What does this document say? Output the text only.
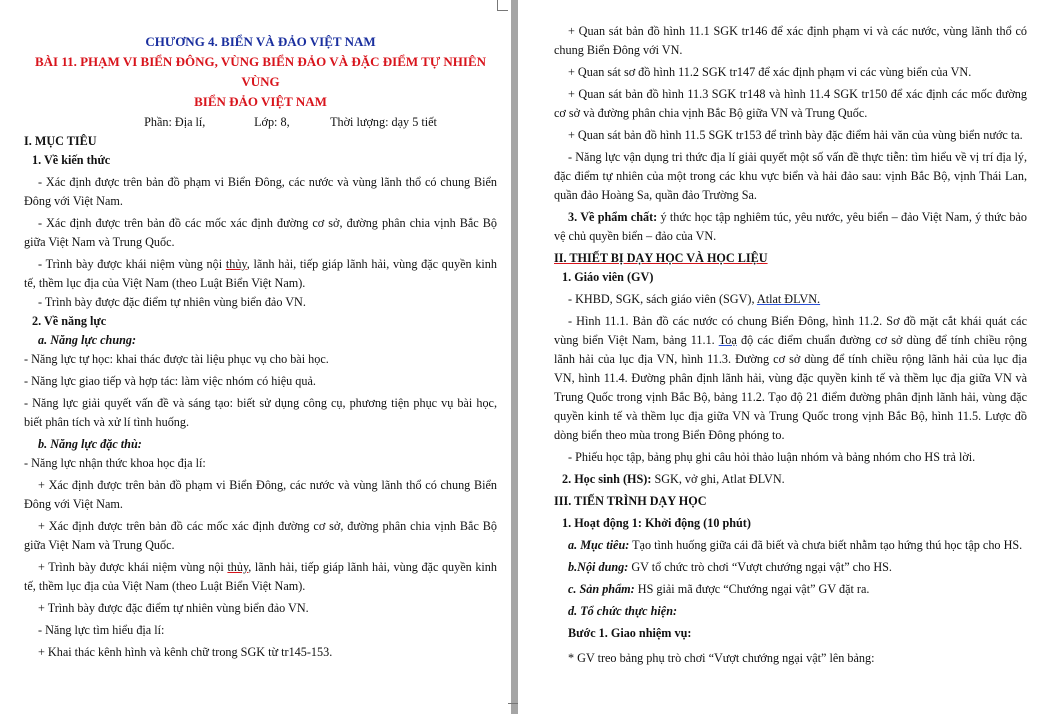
CHƯƠNG 4. BIỂN VÀ ĐẢO VIỆT NAM

BÀI 11. PHẠM VI BIỂN ĐÔNG, VÙNG BIỂN ĐẢO VÀ ĐẶC ĐIỂM TỰ NHIÊN VÙNG

BIỂN ĐẢO VIỆT NAM

Phần: Địa lí,	Lớp: 8,	Thời lượng: dạy 5 tiết

I. MỤC TIÊU

1. Về kiến thức

- Xác định được trên bản đồ phạm vi Biển Đông, các nước và vùng lãnh thổ có chung Biển Đông với Việt Nam.

- Xác định được trên bản đồ các mốc xác định đường cơ sở, đường phân chia vịnh Bắc Bộ giữa Việt Nam và Trung Quốc.

- Trình bày được khái niệm vùng nội thủy, lãnh hải, tiếp giáp lãnh hải, vùng đặc quyền kinh tế, thềm lục địa của Việt Nam (theo Luật Biển Việt Nam).

- Trình bày được đặc điểm tự nhiên vùng biển đảo VN.

2. Về năng lực

a. Năng lực chung:

- Năng lực tự học: khai thác được tài liệu phục vụ cho bài học.

- Năng lực giao tiếp và hợp tác: làm việc nhóm có hiệu quả.

- Năng lực giải quyết vấn đề và sáng tạo: biết sử dụng công cụ, phương tiện phục vụ bài học, biết phân tích và xử lí tình huống.

b. Năng lực đặc thù:

- Năng lực nhận thức khoa học địa lí:

+ Xác định được trên bản đồ phạm vi Biển Đông, các nước và vùng lãnh thổ có chung Biển Đông với Việt Nam.

+ Xác định được trên bản đồ các mốc xác định đường cơ sở, đường phân chia vịnh Bắc Bộ giữa Việt Nam và Trung Quốc.

+ Trình bày được khái niệm vùng nội thủy, lãnh hải, tiếp giáp lãnh hải, vùng đặc quyền kinh tế, thềm lục địa của Việt Nam (theo Luật Biển Việt Nam).

+ Trình bày được đặc điểm tự nhiên vùng biển đảo VN.

- Năng lực tìm hiểu địa lí:

+ Khai thác kênh hình và kênh chữ trong SGK từ tr145-153.

+ Quan sát bản đồ hình 11.1 SGK tr146 để xác định phạm vi và các nước, vùng lãnh thổ có chung Biển Đông với VN.

+ Quan sát sơ đồ hình 11.2 SGK tr147 để xác định phạm vi các vùng biển của VN.

+ Quan sát bản đồ hình 11.3 SGK tr148 và hình 11.4 SGK tr150 để xác định các mốc đường cơ sở và đường phân chia vịnh Bắc Bộ giữa VN và Trung Quốc.

+ Quan sát bản đồ hình 11.5 SGK tr153 để trình bày đặc điểm hải văn của vùng biển nước ta.

- Năng lực vận dụng tri thức địa lí giải quyết một số vấn đề thực tiễn: tìm hiểu về vị trí địa lý, đặc điểm tự nhiên của một trong các khu vực biển và hải đảo sau: vịnh Bắc Bộ, vịnh Thái Lan, quần đảo Hoàng Sa, quần đảo Trường Sa.

3. Về phẩm chất: ý thức học tập nghiêm túc, yêu nước, yêu biển – đảo Việt Nam, ý thức bảo vệ chủ quyền biển – đảo của VN.

II. THIẾT BỊ DẠY HỌC VÀ HỌC LIỆU

1. Giáo viên (GV)

- KHBD, SGK, sách giáo viên (SGV), Atlat ĐLVN.

- Hình 11.1. Bản đồ các nước có chung Biển Đông, hình 11.2. Sơ đồ mặt cắt khái quát các vùng biển Việt Nam, bảng 11.1. Toạ độ các điểm chuẩn đường cơ sở dùng để tính chiều rộng lãnh hải của lục địa VN, hình 11.3. Đường cơ sở dùng để tính chiều rộng lãnh hải của lục địa VN, hình 11.4. Đường phân định lãnh hải, vùng đặc quyền kinh tế và thềm lục địa giữa VN và Trung Quốc trong vịnh Bắc Bộ, bảng 11.2. Tạo độ 21 điểm đường phân định lãnh hải, vùng đặc quyền kinh tế và thềm lục địa giữa VN và Trung Quốc trong vịnh Bắc Bộ, hình 11.5. Lược đồ dòng biển theo mùa trong Biển Đông phóng to.

- Phiếu học tập, bảng phụ ghi câu hỏi thảo luận nhóm và bảng nhóm cho HS trả lời.

2. Học sinh (HS): SGK, vở ghi, Atlat ĐLVN.

III. TIẾN TRÌNH DẠY HỌC

1. Hoạt động 1: Khởi động (10 phút)

a. Mục tiêu: Tạo tình huống giữa cái đã biết và chưa biết nhằm tạo hứng thú học tập cho HS.

b.Nội dung: GV tổ chức trò chơi “Vượt chướng ngại vật” cho HS.

c. Sản phẩm: HS giải mã được “Chướng ngại vật” GV đặt ra.

d. Tổ chức thực hiện:

Bước 1. Giao nhiệm vụ:

* GV treo bảng phụ trò chơi “Vượt chướng ngại vật” lên bảng:
